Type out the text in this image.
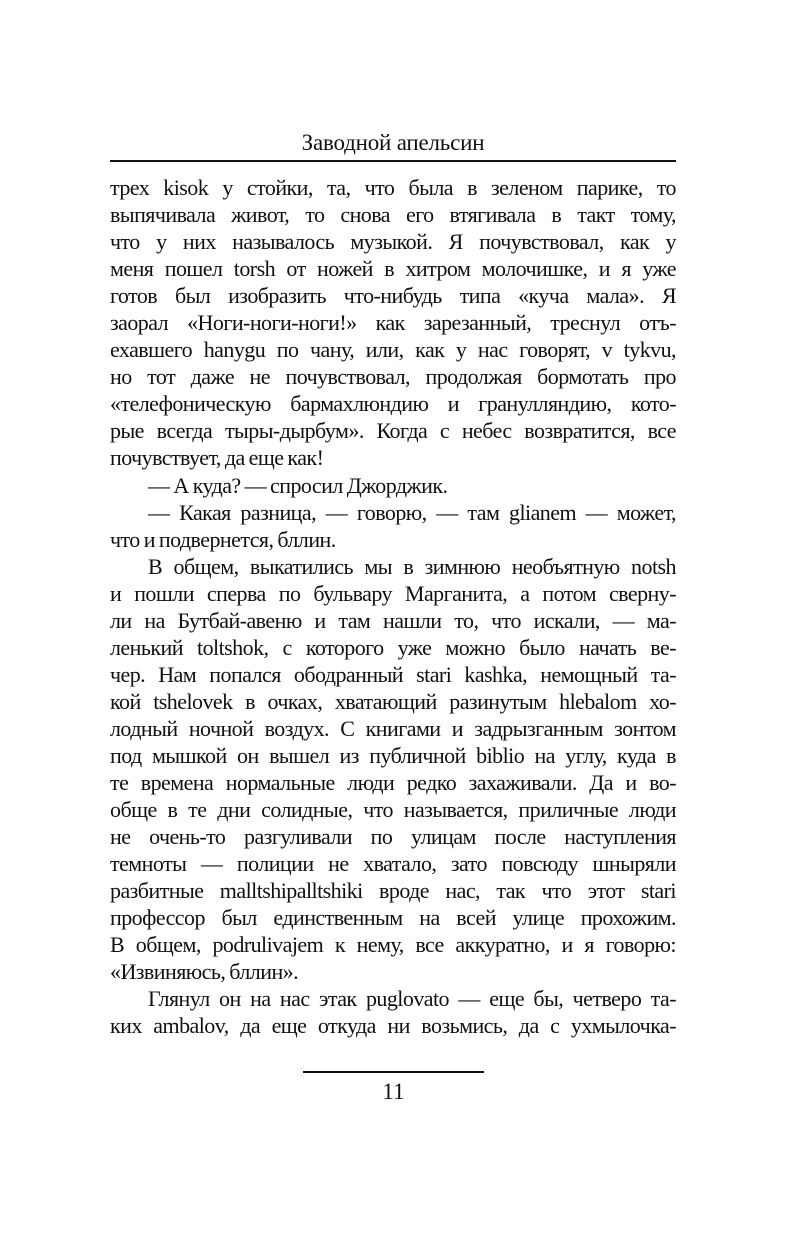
Заводной апельсин
трех kisok у стойки, та, что была в зеленом парике, то
выпячивала живот, то снова его втягивала в такт тому,
что у них называлось музыкой. Я почувствовал, как у
меня пошел torsh от ножей в хитром молочишке, и я уже
готов был изобразить что-нибудь типа «куча мала». Я
заорал «Ноги-ноги-ноги!» как зарезанный, треснул отъ-
ехавшего hanygu по чану, или, как у нас говорят, v tykvu,
но тот даже не почувствовал, продолжая бормотать про
«телефоническую бармахлюндию и гранулляндию, кото-
рые всегда тыры-дырбум». Когда с небес возвратится, все
почувствует, да еще как!
— А куда? — спросил Джорджик.
— Какая разница, — говорю, — там glianem — может,
что и подвернется, бллин.
В общем, выкатились мы в зимнюю необъятную notsh
и пошли сперва по бульвару Марганита, а потом сверну-
ли на Бутбай-авеню и там нашли то, что искали, — ма-
ленький toltshok, с которого уже можно было начать ве-
чер. Нам попался ободранный stari kashka, немощный та-
кой tshelovek в очках, хватающий разинутым hlebalom хо-
лодный ночной воздух. С книгами и задрызганным зонтом
под мышкой он вышел из публичной biblio на углу, куда в
те времена нормальные люди редко захаживали. Да и во-
обще в те дни солидные, что называется, приличные люди
не очень-то разгуливали по улицам после наступления
темноты — полиции не хватало, зато повсюду шныряли
разбитные malltshipalltshiki вроде нас, так что этот stari
профессор был единственным на всей улице прохожим.
В общем, podrulivajem к нему, все аккуратно, и я говорю:
«Извиняюсь, бллин».
Глянул он на нас этак puglovato — еще бы, четверо та-
ких ambalov, да еще откуда ни возьмись, да с ухмылочка-
11
